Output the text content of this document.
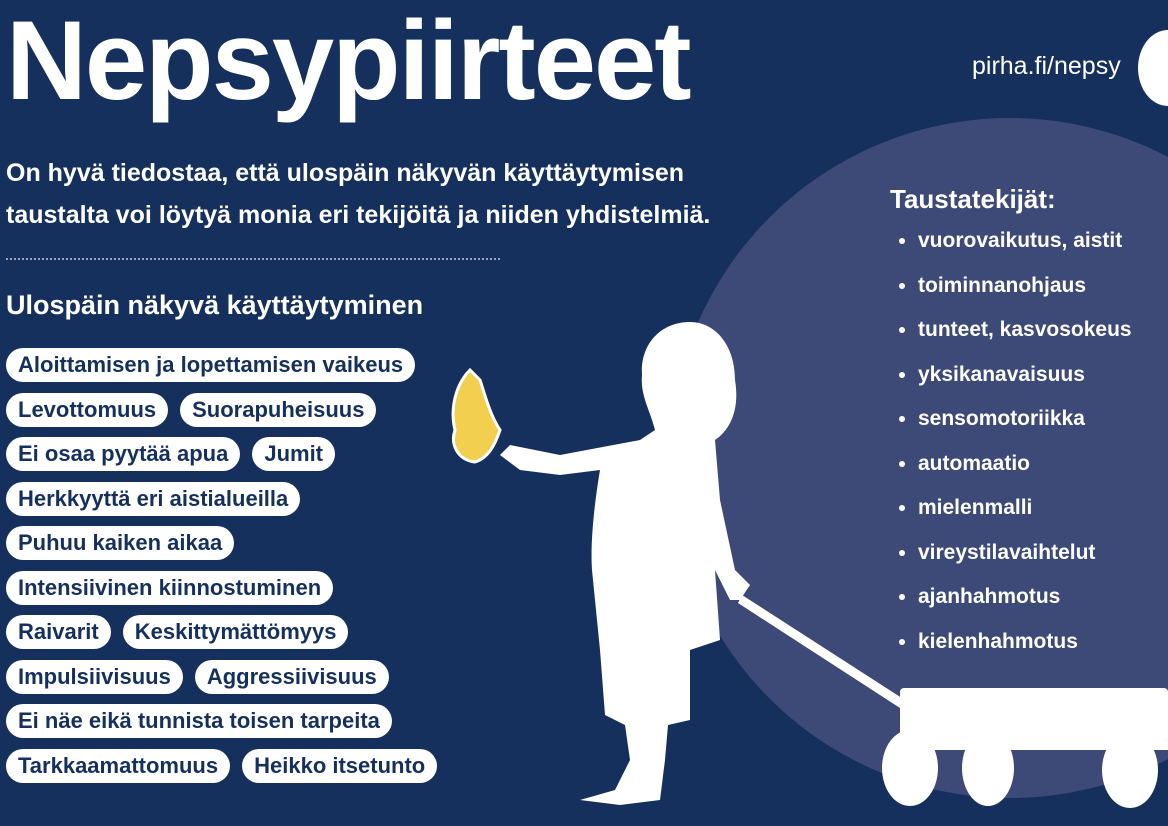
Nepsypiirteet	pirha.fi/nepsy
On hyvä tiedostaa, että ulospäin näkyvän käyttäytymisen taustalta voi löytyä monia eri tekijöitä ja niiden yhdistelmiä.
Ulospäin näkyvä käyttäytyminen
Aloittamisen ja lopettamisen vaikeus
Levottomuus	Suorapuheisuus
Ei osaa pyytää apua	Jumit
Herkkyyttä eri aistialueilla
Puhuu kaiken aikaa
Intensiivinen kiinnostuminen
Raivarit	Keskittymättömyys
Impulsiivisuus	Aggressiivisuus
Ei näe eikä tunnista toisen tarpeita
Tarkkaamattomuus	Heikko itsetunto
Taustatekijät:
• vuorovaikutus, aistit
• toiminnanohjaus
• tunteet, kasvosokeus
• yksikanavaisuus
• sensomotoriikka
• automaatio
• mielenmalli
• vireystilavaihtelut
• ajanhahmotus
• kielenhahmotus
